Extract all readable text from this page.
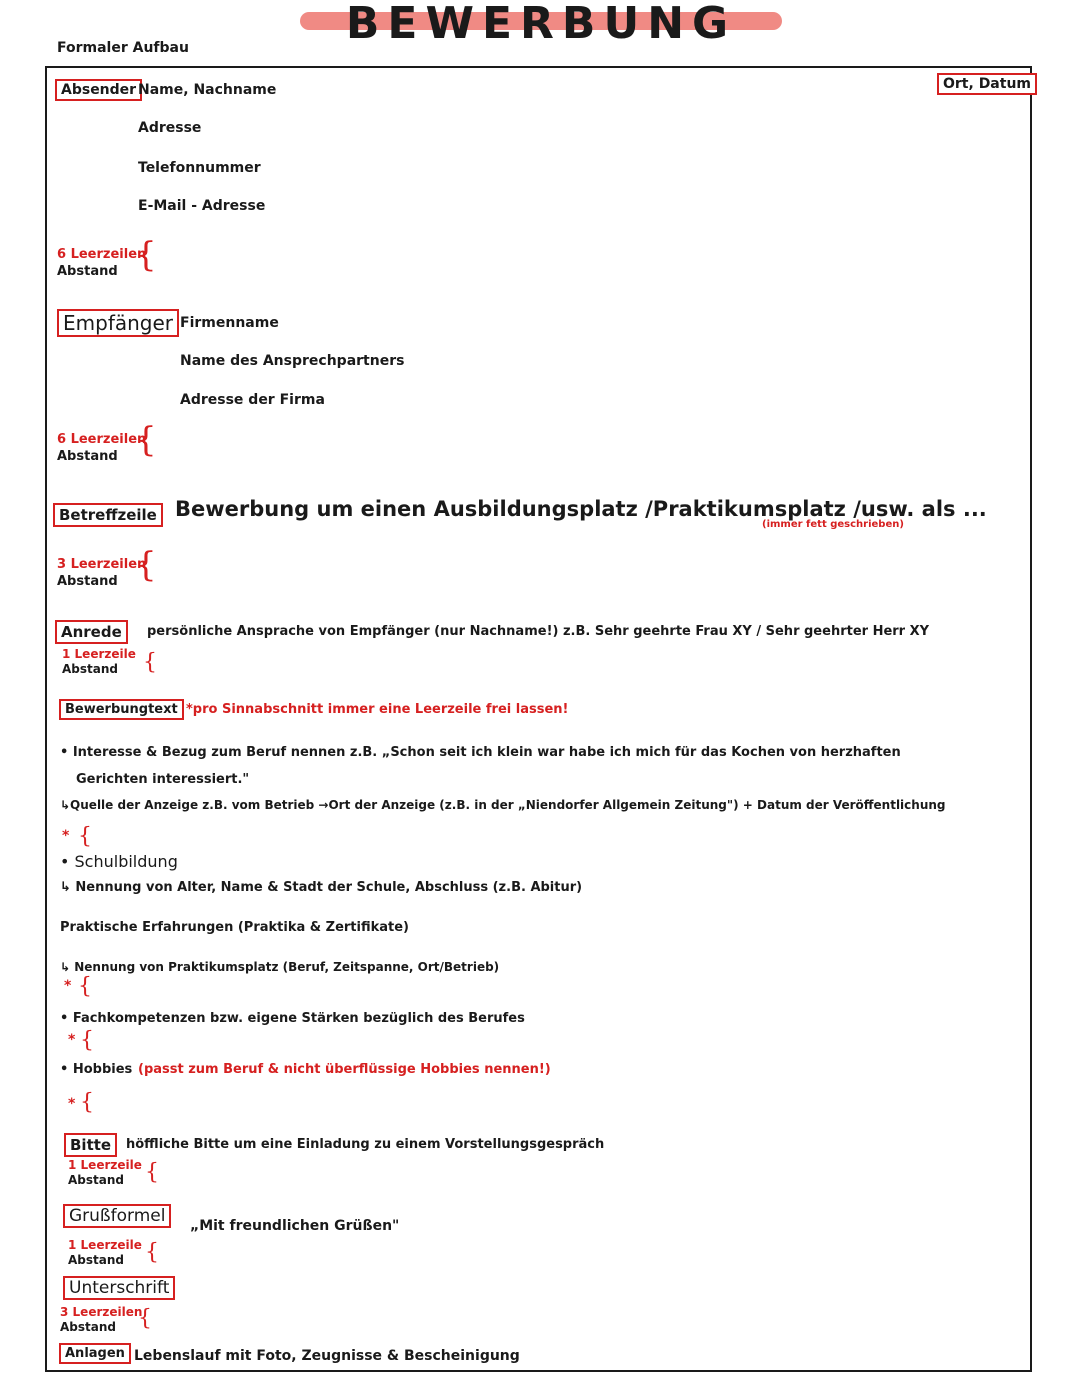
BEWERBUNG
Formaler Aufbau
Absender Name, Nachname
Adresse
Telefonnummer
E-Mail - Adresse
Ort, Datum
6 Leerzeilen
Abstand {
Empfänger Firmenname
Name des Ansprechpartners
Adresse der Firma
6 Leerzeilen
Abstand {
Betreffzeile Bewerbung um einen Ausbildungsplatz /Praktikumsplatz /usw. als ...
(immer fett geschrieben)
3 Leerzeilen
Abstand {
Anrede	persönliche Ansprache von Empfänger (nur Nachname!) z.B. Sehr geehrte Frau XY / Sehr geehrter Herr XY
1 Leerzeile
Abstand	{
Bewerbungtext *pro Sinnabschnitt immer eine Leerzeile frei lassen!
• Interesse & Bezug zum Beruf nennen z.B. „Schon seit ich klein war habe ich mich für das Kochen von herzhaften
Gerichten interessiert."
↳Quelle der Anzeige z.B. vom Betrieb →Ort der Anzeige (z.B. in der „Niendorfer Allgemein Zeitung") + Datum der Veröffentlichung
{
*
• Schulbildung
↳ Nennung von Alter, Name & Stadt der Schule, Abschluss (z.B. Abitur)
Praktische Erfahrungen (Praktika & Zertifikate)
↳ Nennung von Praktikumsplatz (Beruf, Zeitspanne, Ort/Betrieb)
* {
• Fachkompetenzen bzw. eigene Stärken bezüglich des Berufes
* {
• Hobbies (passt zum Beruf & nicht überflüssige Hobbies nennen!)
* {
Bitte	höffliche Bitte um eine Einladung zu einem Vorstellungsgespräch
1 Leerzeile
Abstand {
Grußformel	„Mit freundlichen Grüßen"
1 Leerzeile
Abstand {
Unterschrift
3 Leerzeilen
Abstand	{
Anlagen Lebenslauf mit Foto, Zeugnisse & Bescheinigung
